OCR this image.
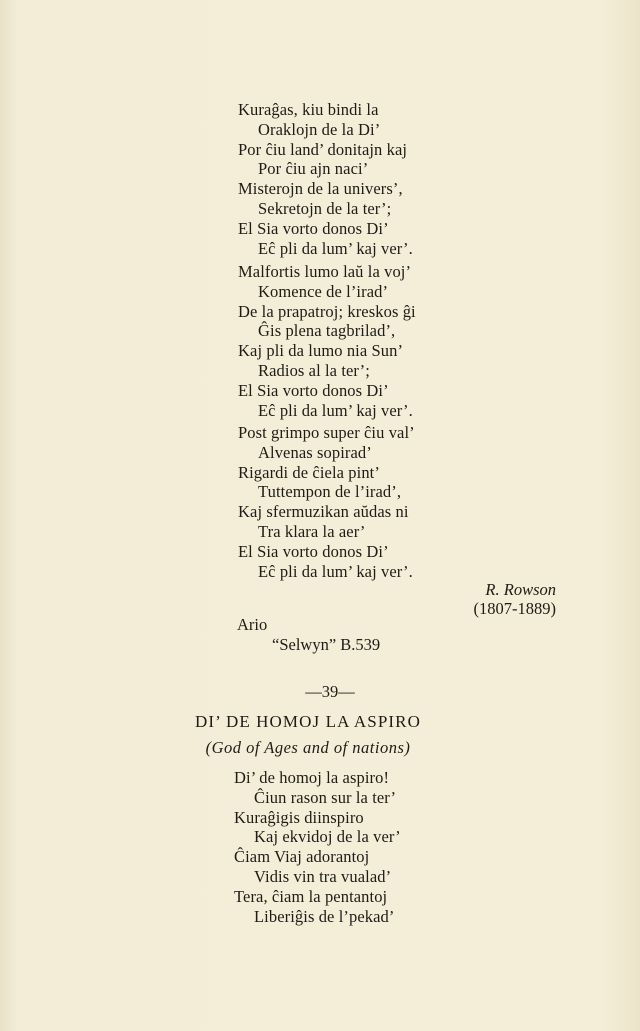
Kuraĝas, kiu bindi la
Oraklojn de la Di’
Por ĉiu land’ donitajn kaj
Por ĉiu ajn naci’
Misterojn de la univers’,
Sekretojn de la ter’;
El Sia vorto donos Di’
Eĉ pli da lum’ kaj ver’.
Malfortis lumo laŭ la voj’
Komence de l’irad’
De la prapatroj; kreskos ĝi
Ĝis plena tagbrilad’,
Kaj pli da lumo nia Sun’
Radios al la ter’;
El Sia vorto donos Di’
Eĉ pli da lum’ kaj ver’.
Post grimpo super ĉiu val’
Alvenas sopirad’
Rigardi de ĉiela pint’
Tuttempon de l’irad’,
Kaj sfermuzikan aŭdas ni
Tra klara la aer’
El Sia vorto donos Di’
Eĉ pli da lum’ kaj ver’.
R. Rowson
(1807-1889)
Ario
“Selwyn” B.539
—39—
DI’ DE HOMOJ LA ASPIRO
(God of Ages and of nations)
Di’ de homoj la aspiro!
Ĉiun rason sur la ter’
Kuraĝigis diinspiro
Kaj ekvidoj de la ver’
Ĉiam Viaj adorantoj
Vidis vin tra vualad’
Tera, ĉiam la pentantoj
Liberiĝis de l’pekad’
